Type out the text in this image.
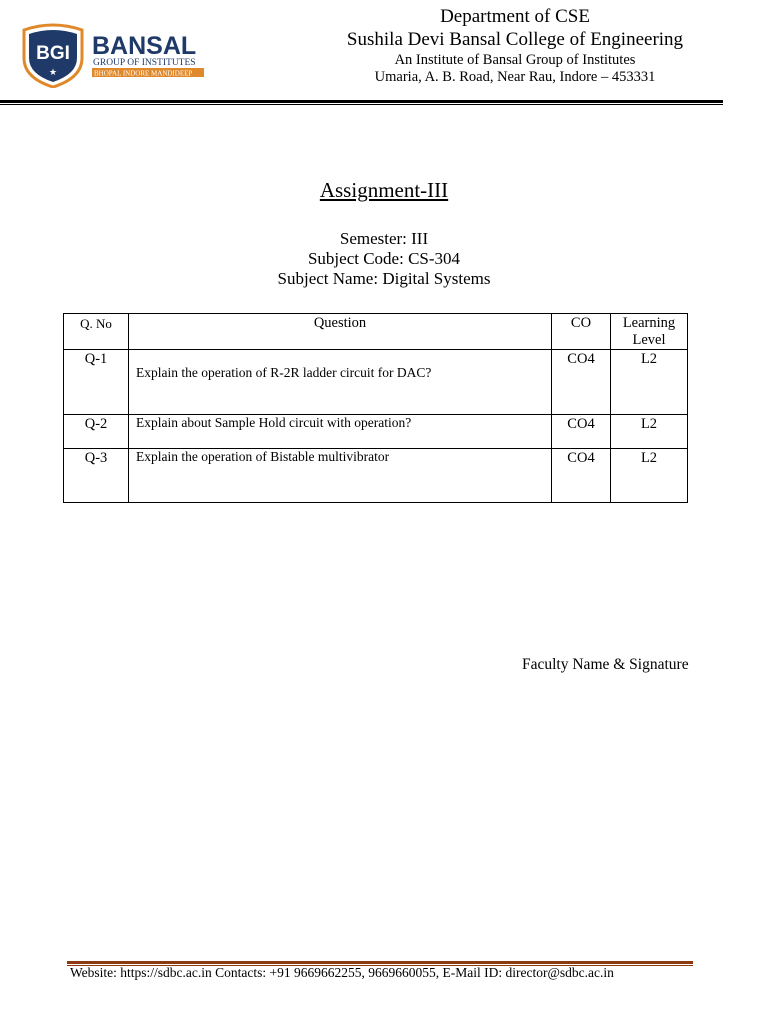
BGI
★
BANSAL
GROUP OF INSTITUTES
BHOPAL INDORE MANDIDEEP
Department of CSE
Sushila Devi Bansal College of Engineering
An Institute of Bansal Group of Institutes
Umaria, A. B. Road, Near Rau, Indore – 453331
Assignment-III
Semester: III
Subject Code: CS-304
Subject Name: Digital Systems
Q. No	Question	CO	Learning
Level

Q-1	Explain the operation of R-2R ladder circuit for DAC?	CO4	L2
Q-2	Explain about Sample Hold circuit with operation?	CO4	L2
Q-3	Explain the operation of Bistable multivibrator	CO4	L2
Faculty Name & Signature
Website: https://sdbc.ac.in Contacts: +91 9669662255, 9669660055, E-Mail ID: director@sdbc.ac.in
